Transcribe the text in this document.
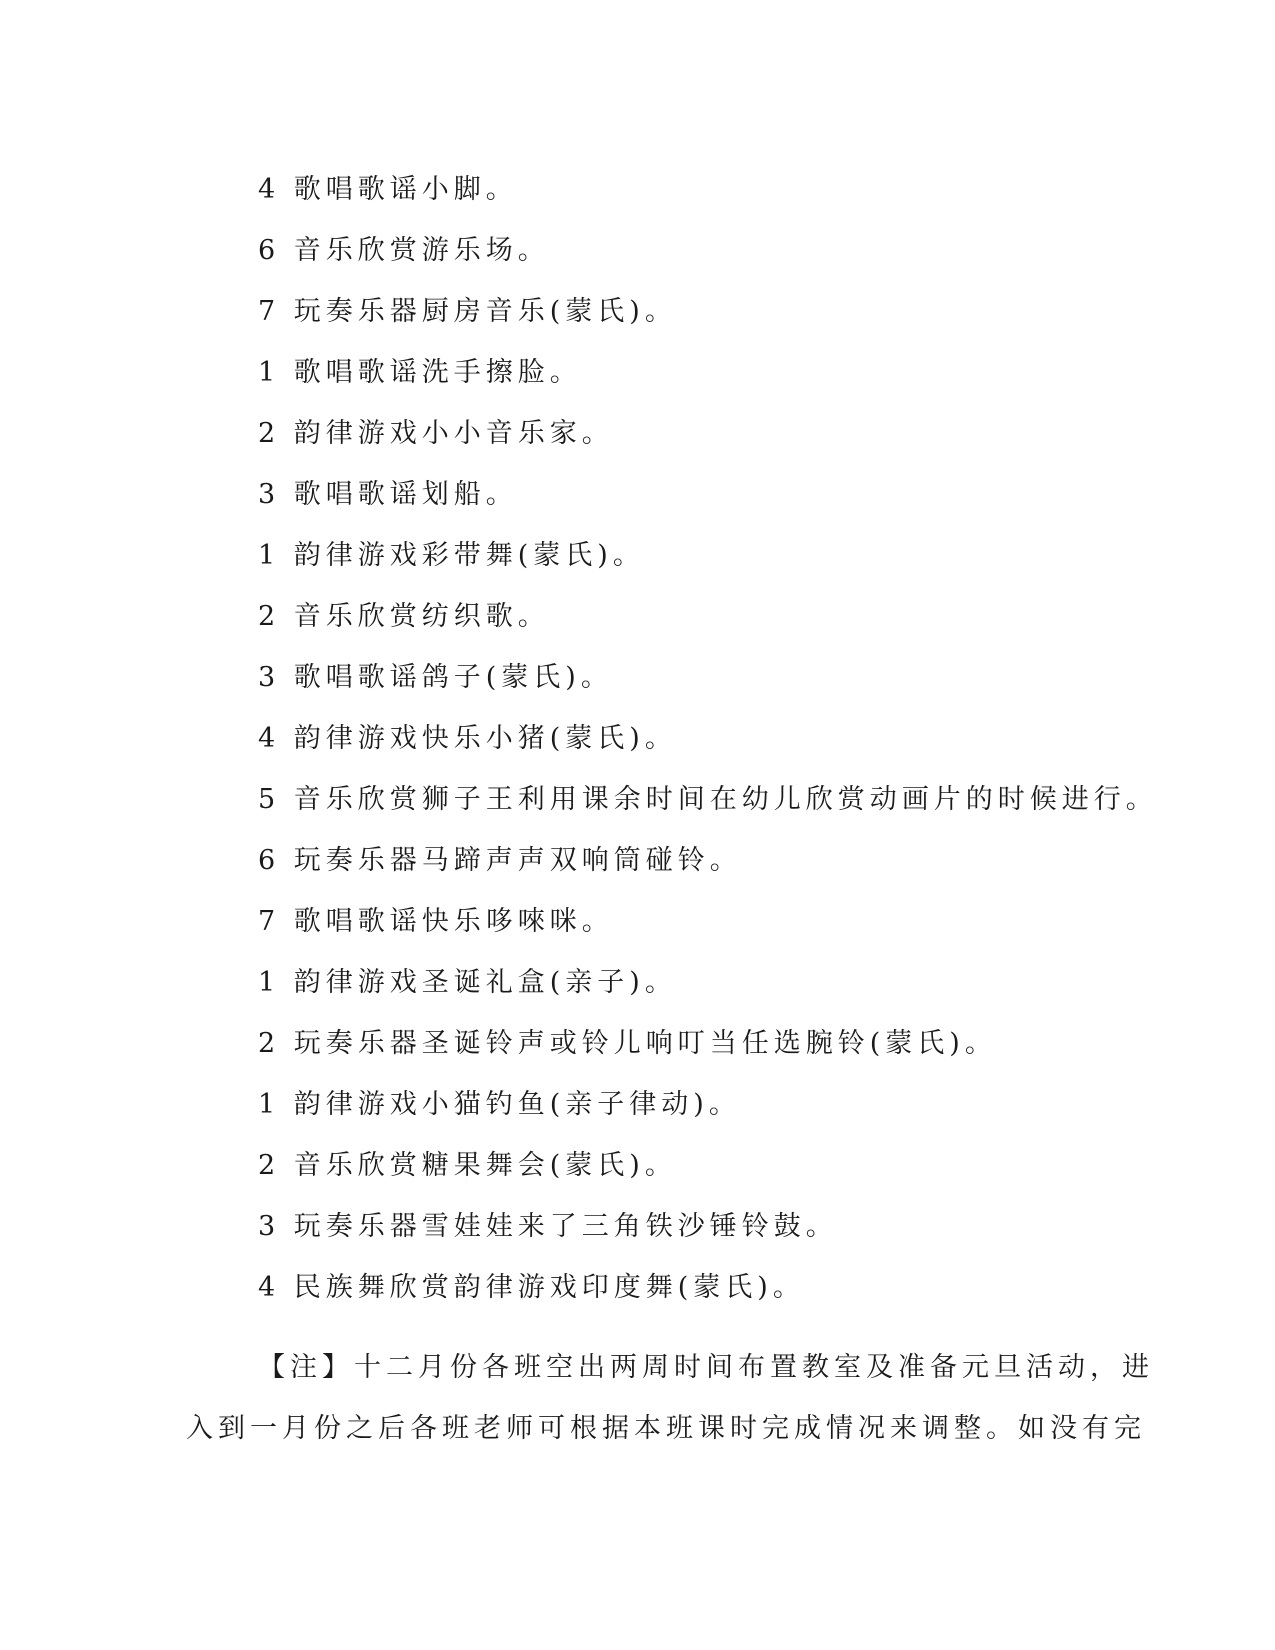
4 歌唱歌谣小脚。
6 音乐欣赏游乐场。
7 玩奏乐器厨房音乐(蒙氏)。
1 歌唱歌谣洗手擦脸。
2 韵律游戏小小音乐家。
3 歌唱歌谣划船。
1 韵律游戏彩带舞(蒙氏)。
2 音乐欣赏纺织歌。
3 歌唱歌谣鸽子(蒙氏)。
4 韵律游戏快乐小猪(蒙氏)。
5 音乐欣赏狮子王利用课余时间在幼儿欣赏动画片的时候进行。
6 玩奏乐器马蹄声声双响筒碰铃。
7 歌唱歌谣快乐哆唻咪。
1 韵律游戏圣诞礼盒(亲子)。
2 玩奏乐器圣诞铃声或铃儿响叮当任选腕铃(蒙氏)。
1 韵律游戏小猫钓鱼(亲子律动)。
2 音乐欣赏糖果舞会(蒙氏)。
3 玩奏乐器雪娃娃来了三角铁沙锤铃鼓。
4 民族舞欣赏韵律游戏印度舞(蒙氏)。

【注】十二月份各班空出两周时间布置教室及准备元旦活动，进
入到一月份之后各班老师可根据本班课时完成情况来调整。如没有完
